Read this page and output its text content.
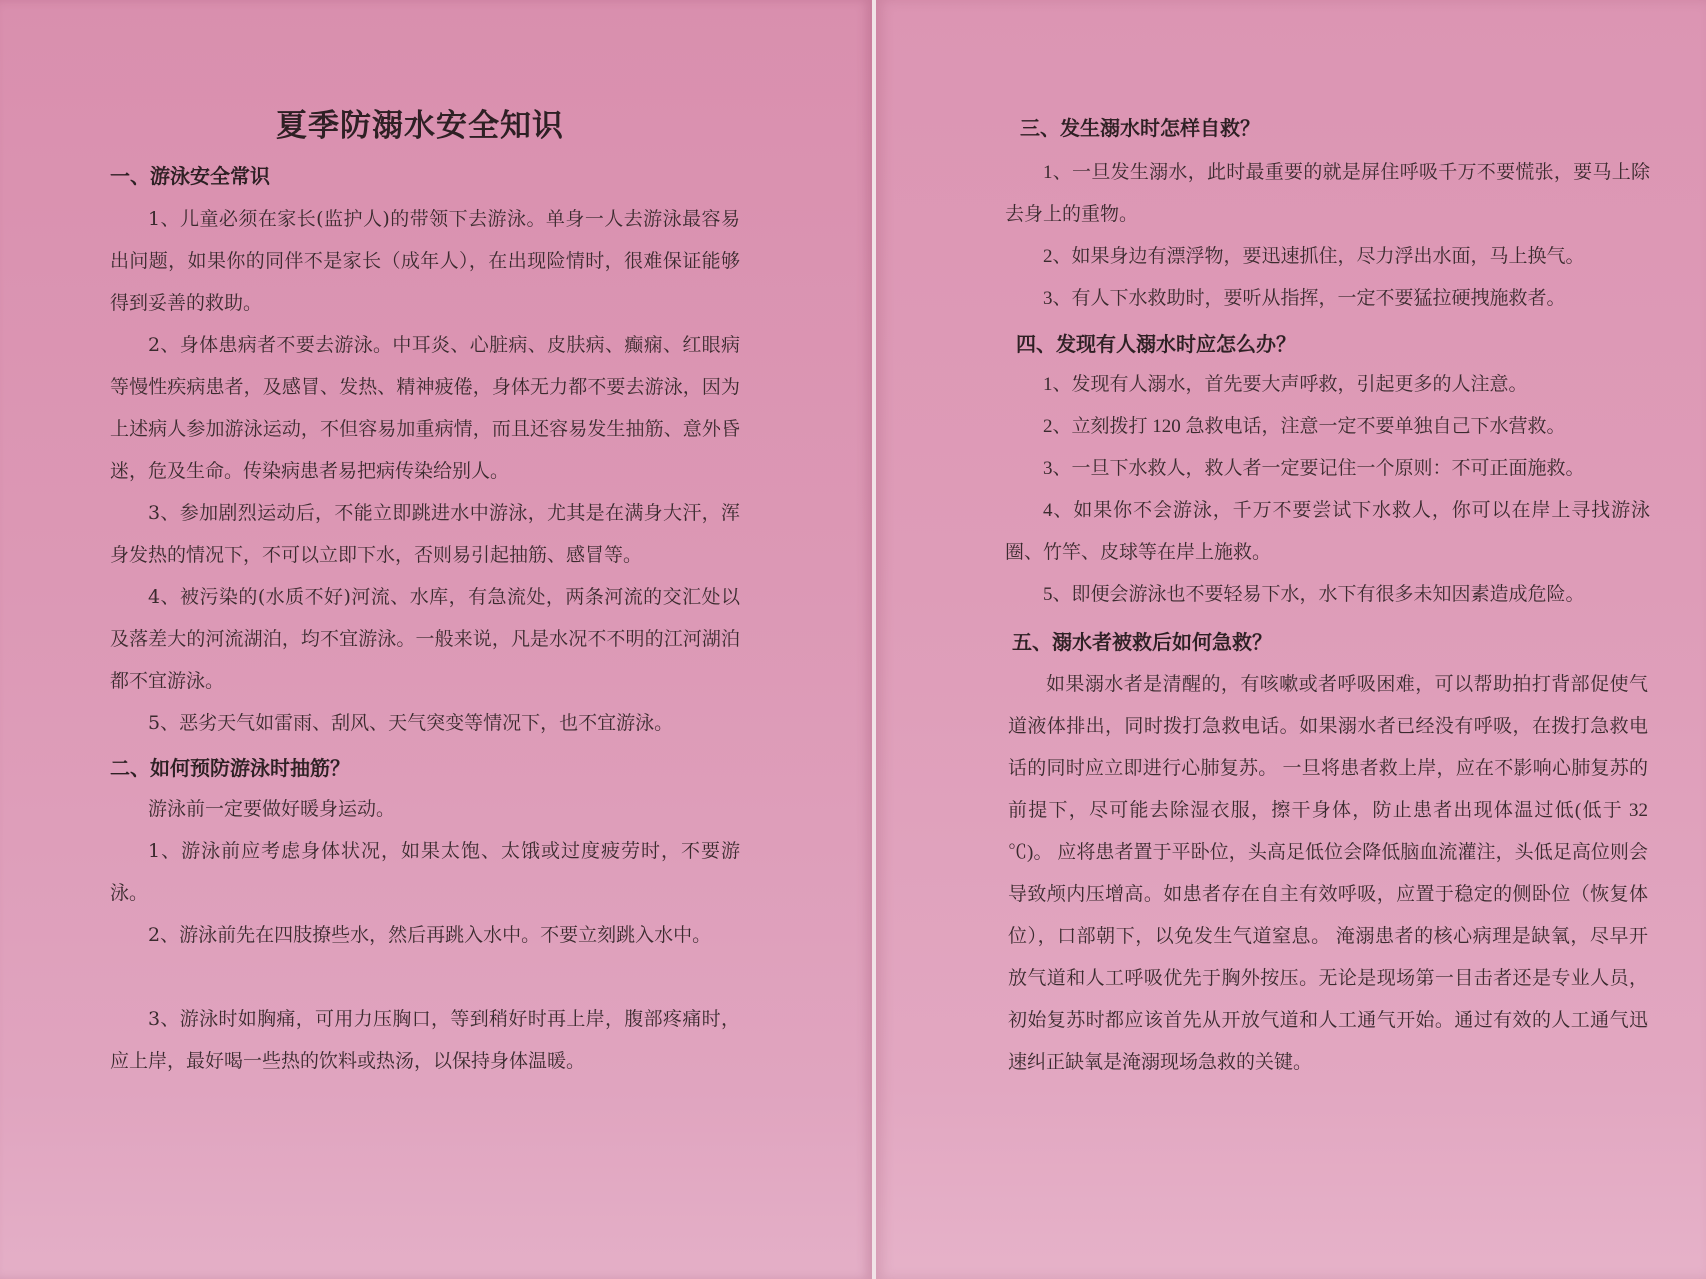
夏季防溺水安全知识
一、游泳安全常识

1、儿童必须在家长(监护人)的带领下去游泳。单身一人去游泳最容易出问题，如果你的同伴不是家长（成年人），在出现险情时，很难保证能够得到妥善的救助。

2、身体患病者不要去游泳。中耳炎、心脏病、皮肤病、癫痫、红眼病等慢性疾病患者，及感冒、发热、精神疲倦，身体无力都不要去游泳，因为上述病人参加游泳运动，不但容易加重病情，而且还容易发生抽筋、意外昏迷，危及生命。传染病患者易把病传染给别人。

3、参加剧烈运动后，不能立即跳进水中游泳，尤其是在满身大汗，浑身发热的情况下，不可以立即下水，否则易引起抽筋、感冒等。

4、被污染的(水质不好)河流、水库，有急流处，两条河流的交汇处以及落差大的河流湖泊，均不宜游泳。一般来说，凡是水况不不明的江河湖泊都不宜游泳。

5、恶劣天气如雷雨、刮风、天气突变等情况下，也不宜游泳。

二、如何预防游泳时抽筋？

游泳前一定要做好暖身运动。

1、游泳前应考虑身体状况，如果太饱、太饿或过度疲劳时，不要游泳。

2、游泳前先在四肢撩些水，然后再跳入水中。不要立刻跳入水中。

3、游泳时如胸痛，可用力压胸口，等到稍好时再上岸，腹部疼痛时，应上岸，最好喝一些热的饮料或热汤，以保持身体温暖。

三、发生溺水时怎样自救？

1、一旦发生溺水，此时最重要的就是屏住呼吸千万不要慌张，要马上除去身上的重物。

2、如果身边有漂浮物，要迅速抓住，尽力浮出水面，马上换气。

3、有人下水救助时，要听从指挥，一定不要猛拉硬拽施救者。

四、发现有人溺水时应怎么办？

1、发现有人溺水，首先要大声呼救，引起更多的人注意。

2、立刻拨打 120 急救电话，注意一定不要单独自己下水营救。

3、一旦下水救人，救人者一定要记住一个原则：不可正面施救。

4、如果你不会游泳，千万不要尝试下水救人，你可以在岸上寻找游泳圈、竹竿、皮球等在岸上施救。

5、即便会游泳也不要轻易下水，水下有很多未知因素造成危险。

五、溺水者被救后如何急救？

如果溺水者是清醒的，有咳嗽或者呼吸困难，可以帮助拍打背部促使气道液体排出，同时拨打急救电话。如果溺水者已经没有呼吸，在拨打急救电话的同时应立即进行心肺复苏。 一旦将患者救上岸，应在不影响心肺复苏的前提下，尽可能去除湿衣服，擦干身体，防止患者出现体温过低(低于 32 ℃)。 应将患者置于平卧位，头高足低位会降低脑血流灌注，头低足高位则会导致颅内压增高。如患者存在自主有效呼吸，应置于稳定的侧卧位（恢复体位），口部朝下，以免发生气道窒息。 淹溺患者的核心病理是缺氧，尽早开放气道和人工呼吸优先于胸外按压。无论是现场第一目击者还是专业人员，初始复苏时都应该首先从开放气道和人工通气开始。通过有效的人工通气迅速纠正缺氧是淹溺现场急救的关键。
